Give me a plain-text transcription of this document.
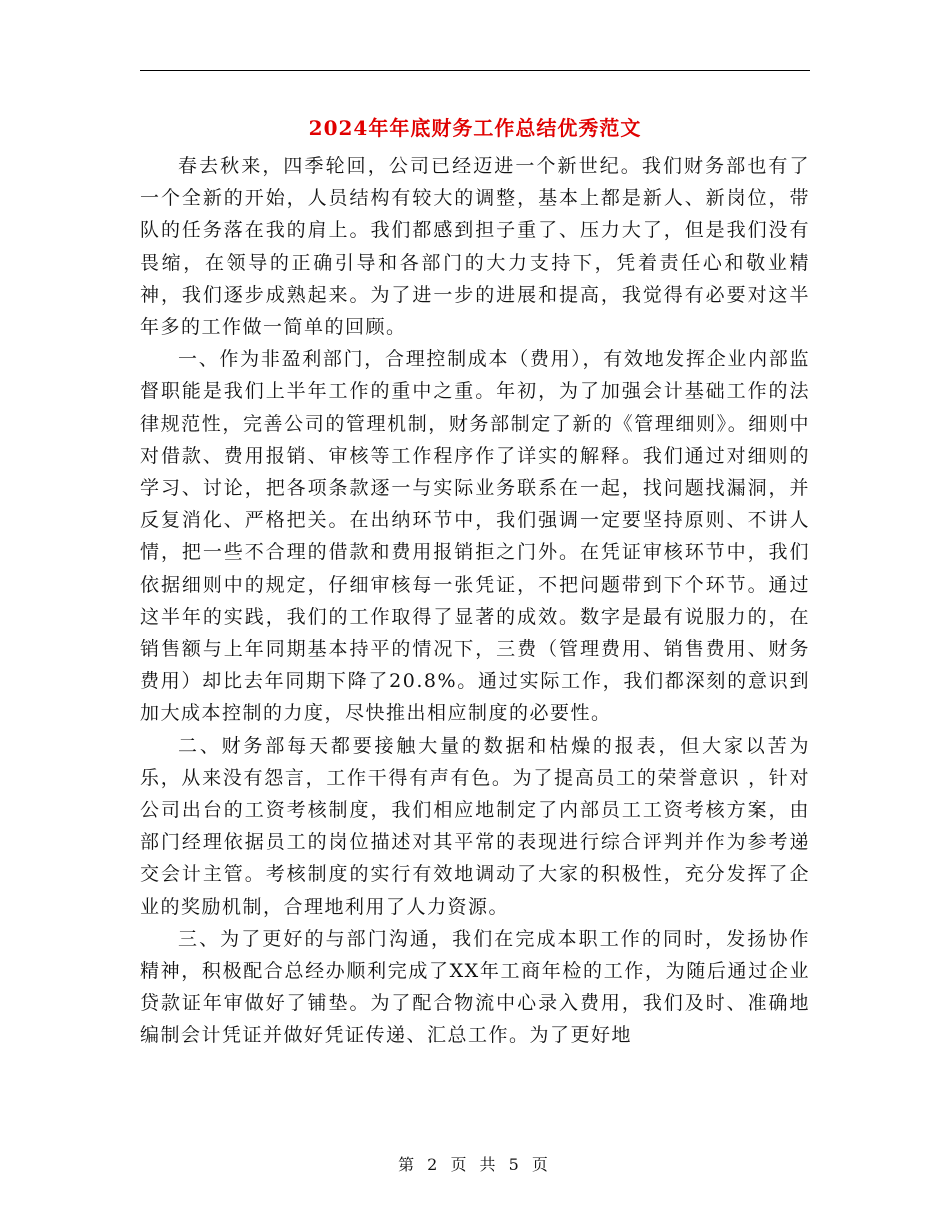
2024年年底财务工作总结优秀范文

春去秋来，四季轮回，公司已经迈进一个新世纪。我们财务部也有了一个全新的开始，人员结构有较大的调整，基本上都是新人、新岗位，带队的任务落在我的肩上。我们都感到担子重了、压力大了，但是我们没有畏缩，在领导的正确引导和各部门的大力支持下，凭着责任心和敬业精神，我们逐步成熟起来。为了进一步的进展和提高，我觉得有必要对这半年多的工作做一简单的回顾。

一、作为非盈利部门，合理控制成本（费用），有效地发挥企业内部监督职能是我们上半年工作的重中之重。年初，为了加强会计基础工作的法律规范性，完善公司的管理机制，财务部制定了新的《管理细则》。细则中对借款、费用报销、审核等工作程序作了详实的解释。我们通过对细则的学习、讨论，把各项条款逐一与实际业务联系在一起，找问题找漏洞，并反复消化、严格把关。在出纳环节中，我们强调一定要坚持原则、不讲人情，把一些不合理的借款和费用报销拒之门外。在凭证审核环节中，我们依据细则中的规定，仔细审核每一张凭证，不把问题带到下个环节。通过这半年的实践，我们的工作取得了显著的成效。数字是最有说服力的，在销售额与上年同期基本持平的情况下，三费（管理费用、销售费用、财务费用）却比去年同期下降了20.8%。通过实际工作，我们都深刻的意识到加大成本控制的力度，尽快推出相应制度的必要性。

二、财务部每天都要接触大量的数据和枯燥的报表，但大家以苦为乐，从来没有怨言，工作干得有声有色。为了提高员工的荣誉意识 ，针对公司出台的工资考核制度，我们相应地制定了内部员工工资考核方案，由部门经理依据员工的岗位描述对其平常的表现进行综合评判并作为参考递交会计主管。考核制度的实行有效地调动了大家的积极性，充分发挥了企业的奖励机制，合理地利用了人力资源。

三、为了更好的与部门沟通，我们在完成本职工作的同时，发扬协作精神，积极配合总经办顺利完成了XX年工商年检的工作，为随后通过企业贷款证年审做好了铺垫。为了配合物流中心录入费用，我们及时、准确地编制会计凭证并做好凭证传递、汇总工作。为了更好地

第 2 页 共 5 页
